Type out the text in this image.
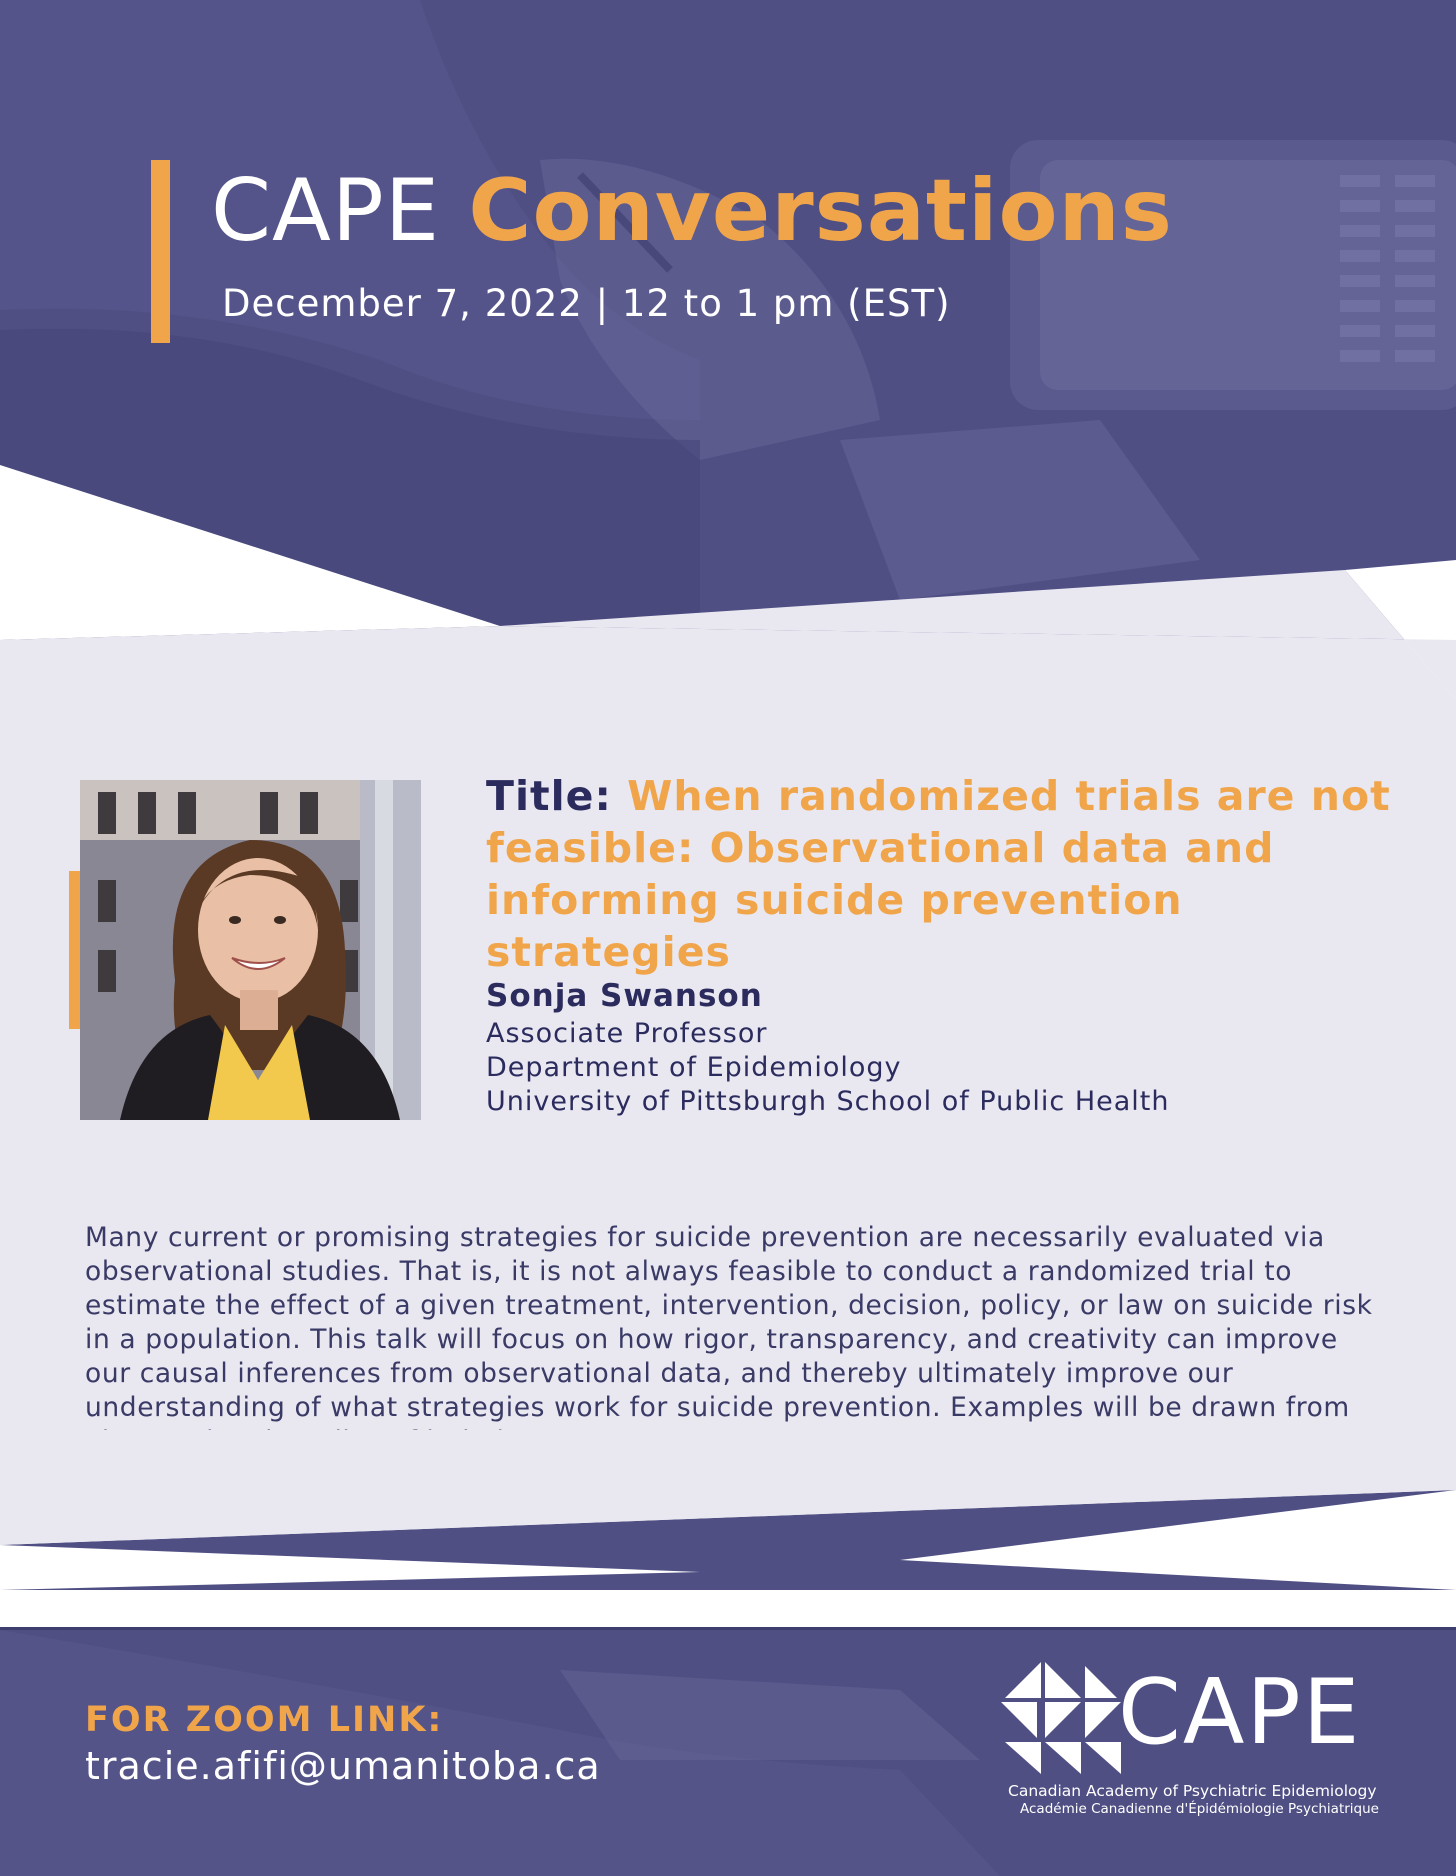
CAPE Conversations
December 7, 2022 | 12 to 1 pm (EST)
Title: When randomized trials are not feasible: Observational data and informing suicide prevention strategies
Sonja Swanson
Associate Professor
Department of Epidemiology
University of Pittsburgh School of Public Health

Many current or promising strategies for suicide prevention are necessarily evaluated via observational studies. That is, it is not always feasible to conduct a randomized trial to estimate the effect of a given treatment, intervention, decision, policy, or law on suicide risk in a population. This talk will focus on how rigor, transparency, and creativity can improve our causal inferences from observational data, and thereby ultimately improve our understanding of what strategies work for suicide prevention. Examples will be drawn from

FOR ZOOM LINK:
tracie.afifi@umanitoba.ca
CAPE
Canadian Academy of Psychiatric Epidemiology
Académie Canadienne d'Épidémiologie Psychiatrique
